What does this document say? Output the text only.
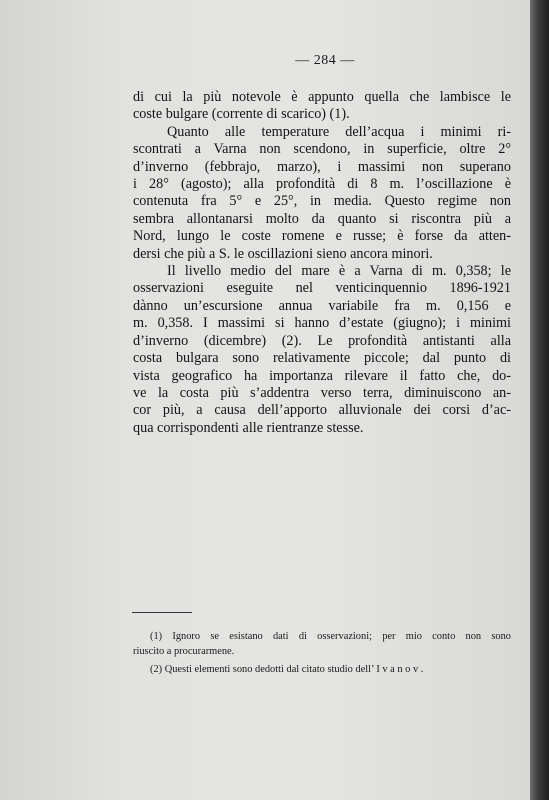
— 284 —
di cui la più notevole è appunto quella che lambisce le
coste bulgare (corrente di scarico) (1).
Quanto alle temperature dell’acqua i minimi ri-
scontrati a Varna non scendono, in superficie, oltre 2°
d’inverno (febbrajo, marzo), i massimi non superano
i 28° (agosto); alla profondità di 8 m. l’oscillazione è
contenuta fra 5° e 25°, in media. Questo regime non
sembra allontanarsi molto da quanto si riscontra più a
Nord, lungo le coste romene e russe; è forse da atten-
dersi che più a S. le oscillazioni sieno ancora minori.
Il livello medio del mare è a Varna di m. 0,358; le
osservazioni eseguite nel venticinquennio 1896-1921
dànno un’escursione annua variabile fra m. 0,156 e
m. 0,358. I massimi si hanno d’estate (giugno); i minimi
d’inverno (dicembre) (2). Le profondità antistanti alla
costa bulgara sono relativamente piccole; dal punto di
vista geografico ha importanza rilevare il fatto che, do-
ve la costa più s’addentra verso terra, diminuiscono an-
cor più, a causa dell’apporto alluvionale dei corsi d’ac-
qua corrispondenti alle rientranze stesse.
(1) Ignoro se esistano dati di osservazioni; per mio conto non sono
riuscito a procurarmene.
(2) Questi elementi sono dedotti dal citato studio dell’ I v a n o v .
